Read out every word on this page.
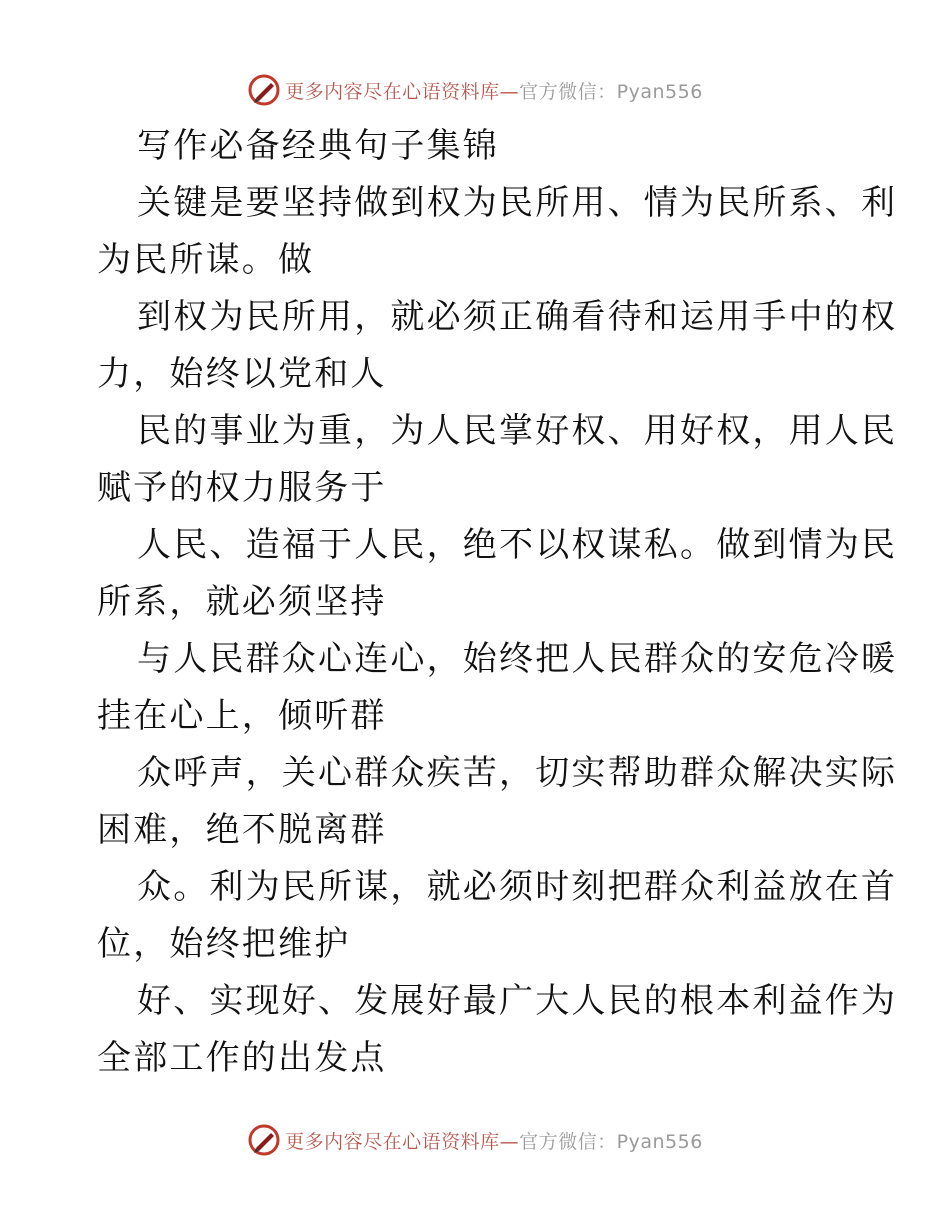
更多内容尽在心语资料库—官方微信：Pyan556
写作必备经典句子集锦
关键是要坚持做到权为民所用、情为民所系、利
为民所谋。做
到权为民所用，就必须正确看待和运用手中的权
力，始终以党和人
民的事业为重，为人民掌好权、用好权，用人民
赋予的权力服务于
人民、造福于人民，绝不以权谋私。做到情为民
所系，就必须坚持
与人民群众心连心，始终把人民群众的安危冷暖
挂在心上，倾听群
众呼声，关心群众疾苦，切实帮助群众解决实际
困难，绝不脱离群
众。利为民所谋，就必须时刻把群众利益放在首
位，始终把维护
好、实现好、发展好最广大人民的根本利益作为
全部工作的出发点
更多内容尽在心语资料库—官方微信：Pyan556
